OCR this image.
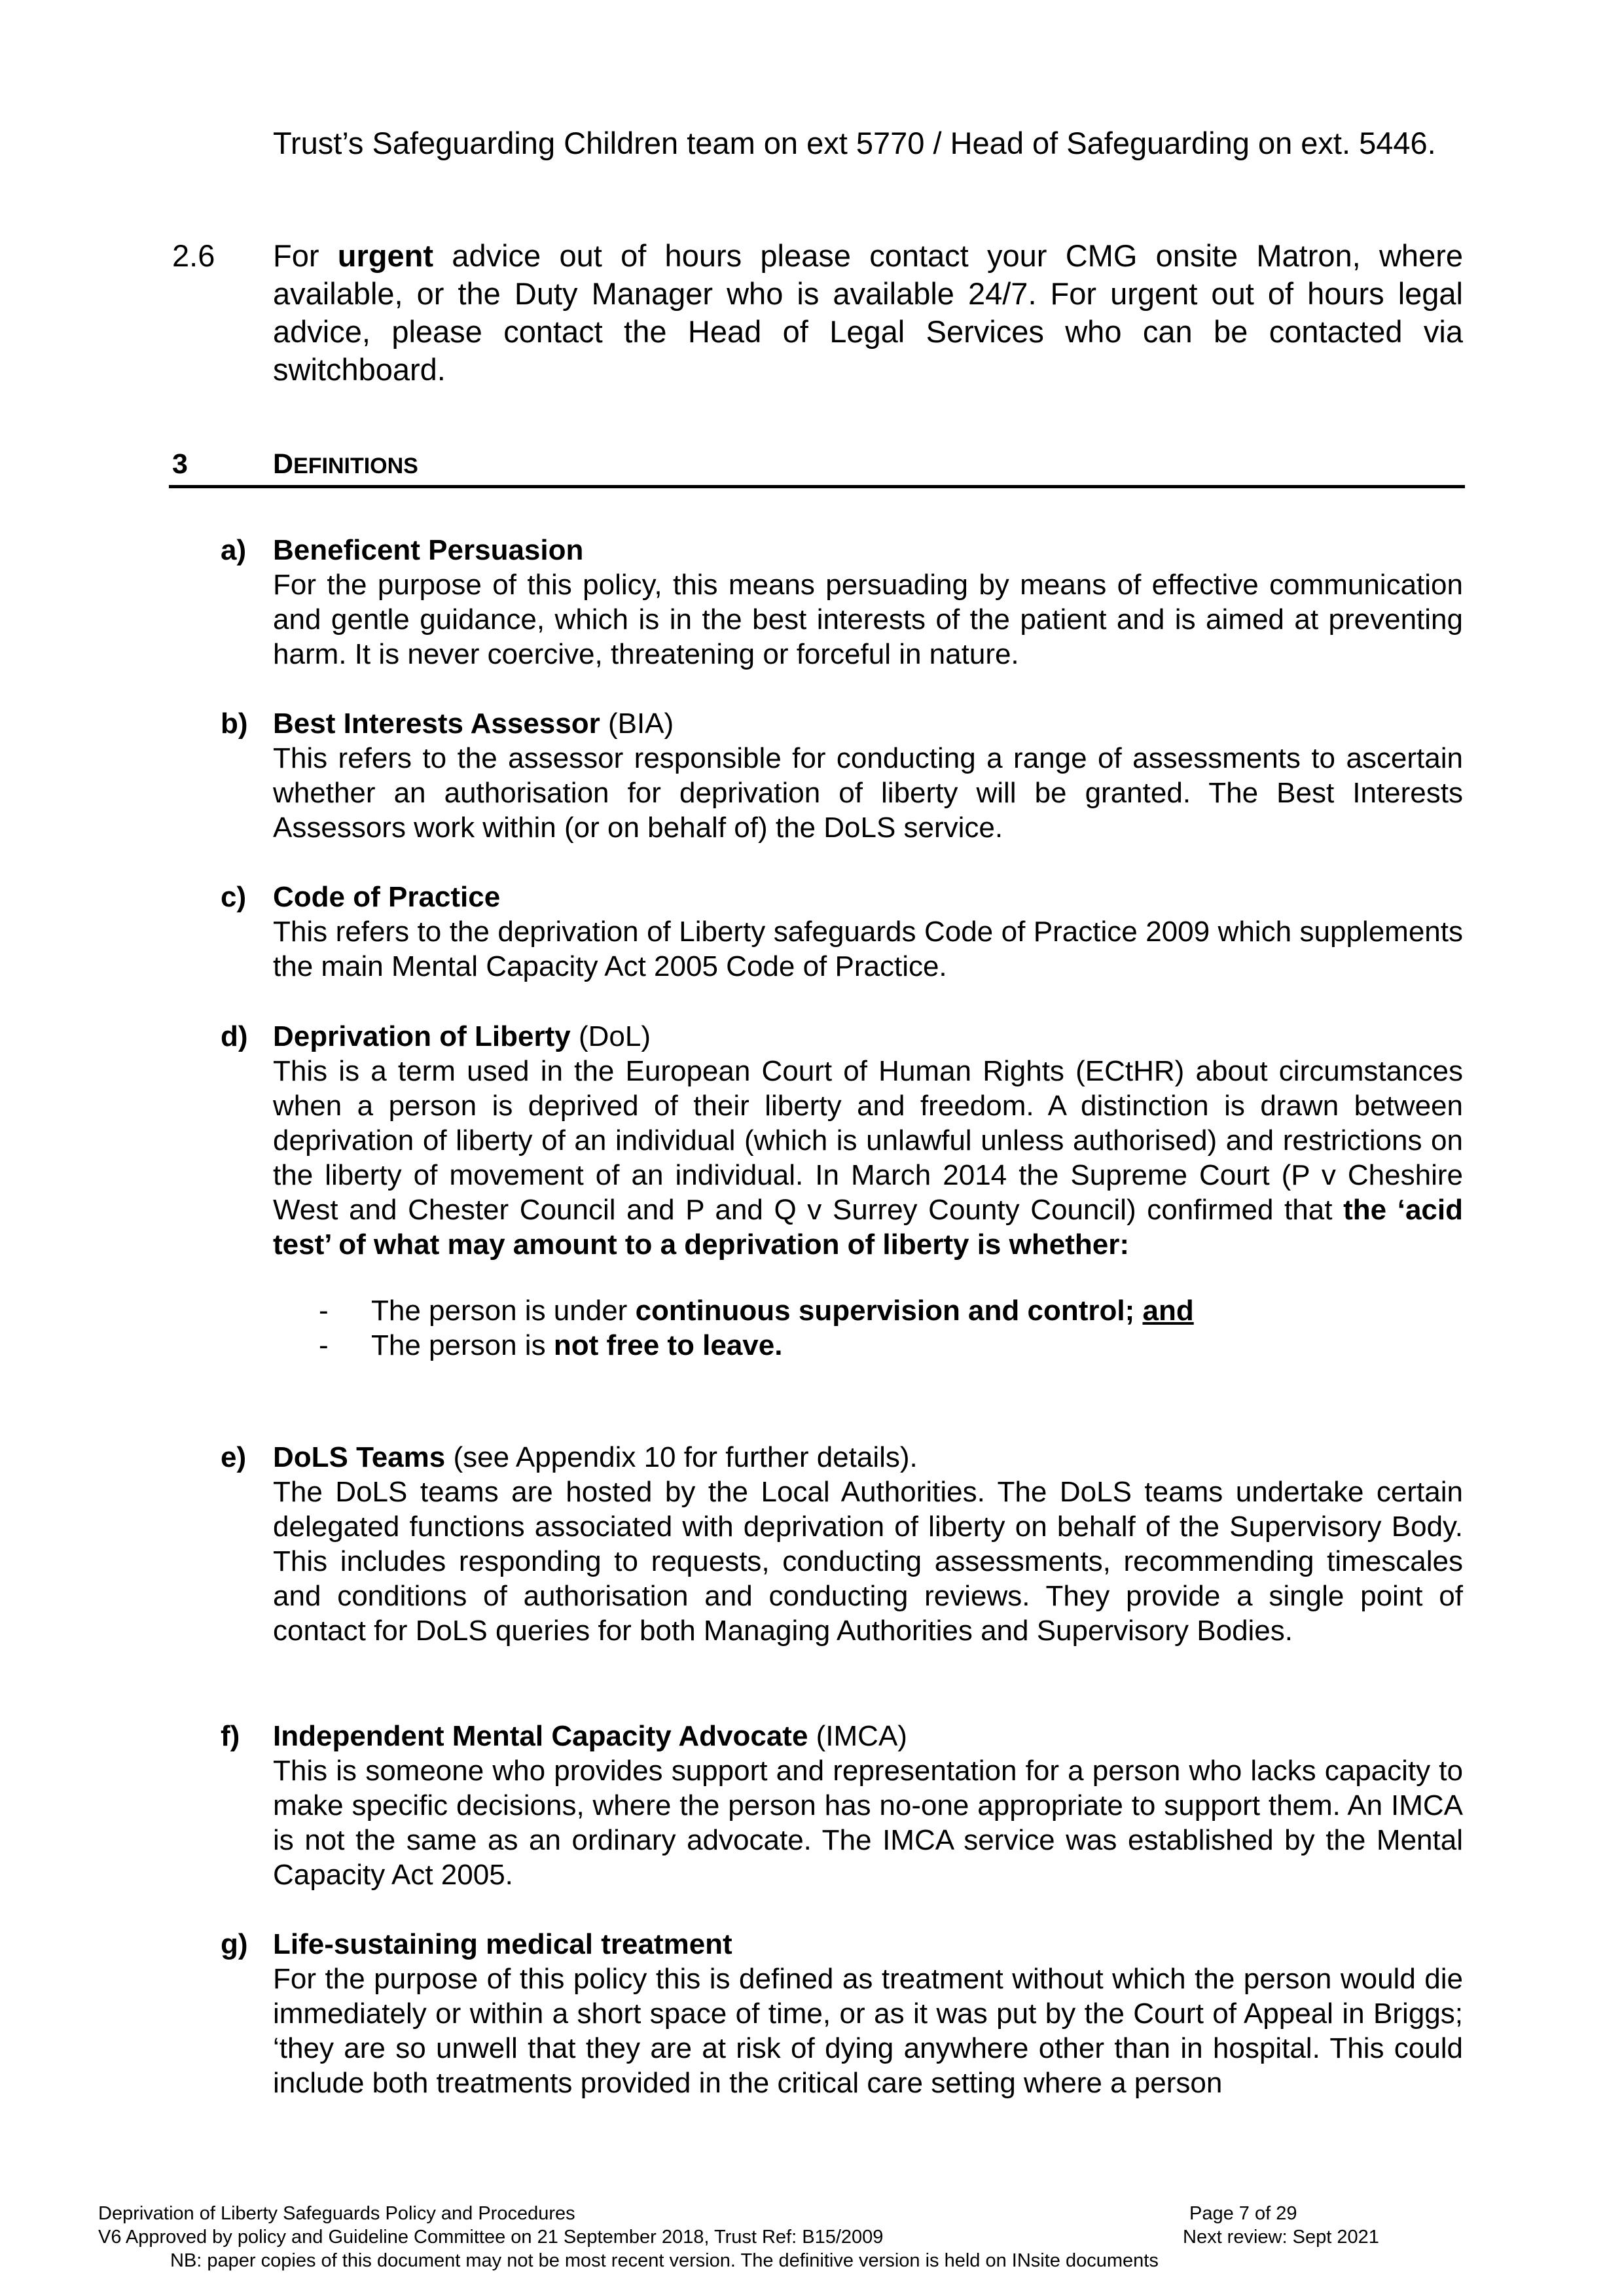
Trust’s Safeguarding Children team on ext 5770 / Head of Safeguarding on ext. 5446.

2.6 For urgent advice out of hours please contact your CMG onsite Matron, where available, or the Duty Manager who is available 24/7. For urgent out of hours legal advice, please contact the Head of Legal Services who can be contacted via switchboard.

3	DEFINITIONS
a) Beneficent Persuasion

For the purpose of this policy, this means persuading by means of effective communication and gentle guidance, which is in the best interests of the patient and is aimed at preventing harm. It is never coercive, threatening or forceful in nature.

b) Best Interests Assessor (BIA)

This refers to the assessor responsible for conducting a range of assessments to ascertain whether an authorisation for deprivation of liberty will be granted. The Best Interests Assessors work within (or on behalf of) the DoLS service.

c) Code of Practice

This refers to the deprivation of Liberty safeguards Code of Practice 2009 which supplements the main Mental Capacity Act 2005 Code of Practice.

d) Deprivation of Liberty (DoL)

This is a term used in the European Court of Human Rights (ECtHR) about circumstances when a person is deprived of their liberty and freedom. A distinction is drawn between deprivation of liberty of an individual (which is unlawful unless authorised) and restrictions on the liberty of movement of an individual. In March 2014 the Supreme Court (P v Cheshire West and Chester Council and P and Q v Surrey County Council) confirmed that the ‘acid test’ of what may amount to a deprivation of liberty is whether:

- The person is under continuous supervision and control; and
- The person is not free to leave.
e) DoLS Teams (see Appendix 10 for further details).

The DoLS teams are hosted by the Local Authorities. The DoLS teams undertake certain delegated functions associated with deprivation of liberty on behalf of the Supervisory Body. This includes responding to requests, conducting assessments, recommending timescales and conditions of authorisation and conducting reviews. They provide a single point of contact for DoLS queries for both Managing Authorities and Supervisory Bodies.

f) Independent Mental Capacity Advocate (IMCA)

This is someone who provides support and representation for a person who lacks capacity to make specific decisions, where the person has no-one appropriate to support them. An IMCA is not the same as an ordinary advocate. The IMCA service was established by the Mental Capacity Act 2005.

g) Life-sustaining medical treatment

For the purpose of this policy this is defined as treatment without which the person would die immediately or within a short space of time, or as it was put by the Court of Appeal in Briggs; ‘they are so unwell that they are at risk of dying anywhere other than in hospital. This could include both treatments provided in the critical care setting where a person

Deprivation of Liberty Safeguards Policy and Procedures	Page 7 of 29
V6 Approved by policy and Guideline Committee on 21 September 2018, Trust Ref: B15/2009	Next review: Sept 2021
NB: paper copies of this document may not be most recent version. The definitive version is held on INsite documents
